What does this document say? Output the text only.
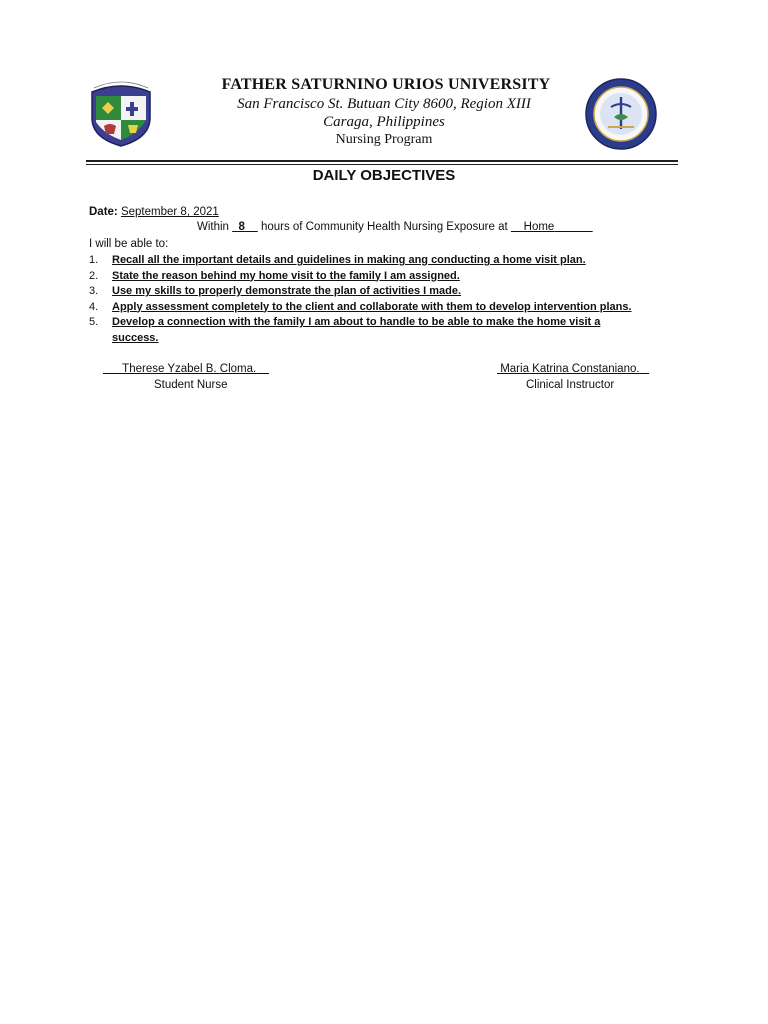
FATHER SATURNINO URIOS UNIVERSITY
San Francisco St. Butuan City 8600, Region XIII
Caraga, Philippines
Nursing Program
DAILY OBJECTIVES
Date: September 8, 2021
Within 8 hours of Community Health Nursing Exposure at Home
I will be able to:
1. Recall all the important details and guidelines in making ang conducting a home visit plan.
2. State the reason behind my home visit to the family I am assigned.
3. Use my skills to properly demonstrate the plan of activities I made.
4. Apply assessment completely to the client and collaborate with them to develop intervention plans.
5. Develop a connection with the family I am about to handle to be able to make the home visit a success.
Therese Yzabel B. Cloma.
Student Nurse
Maria Katrina Constaniano.
Clinical Instructor
